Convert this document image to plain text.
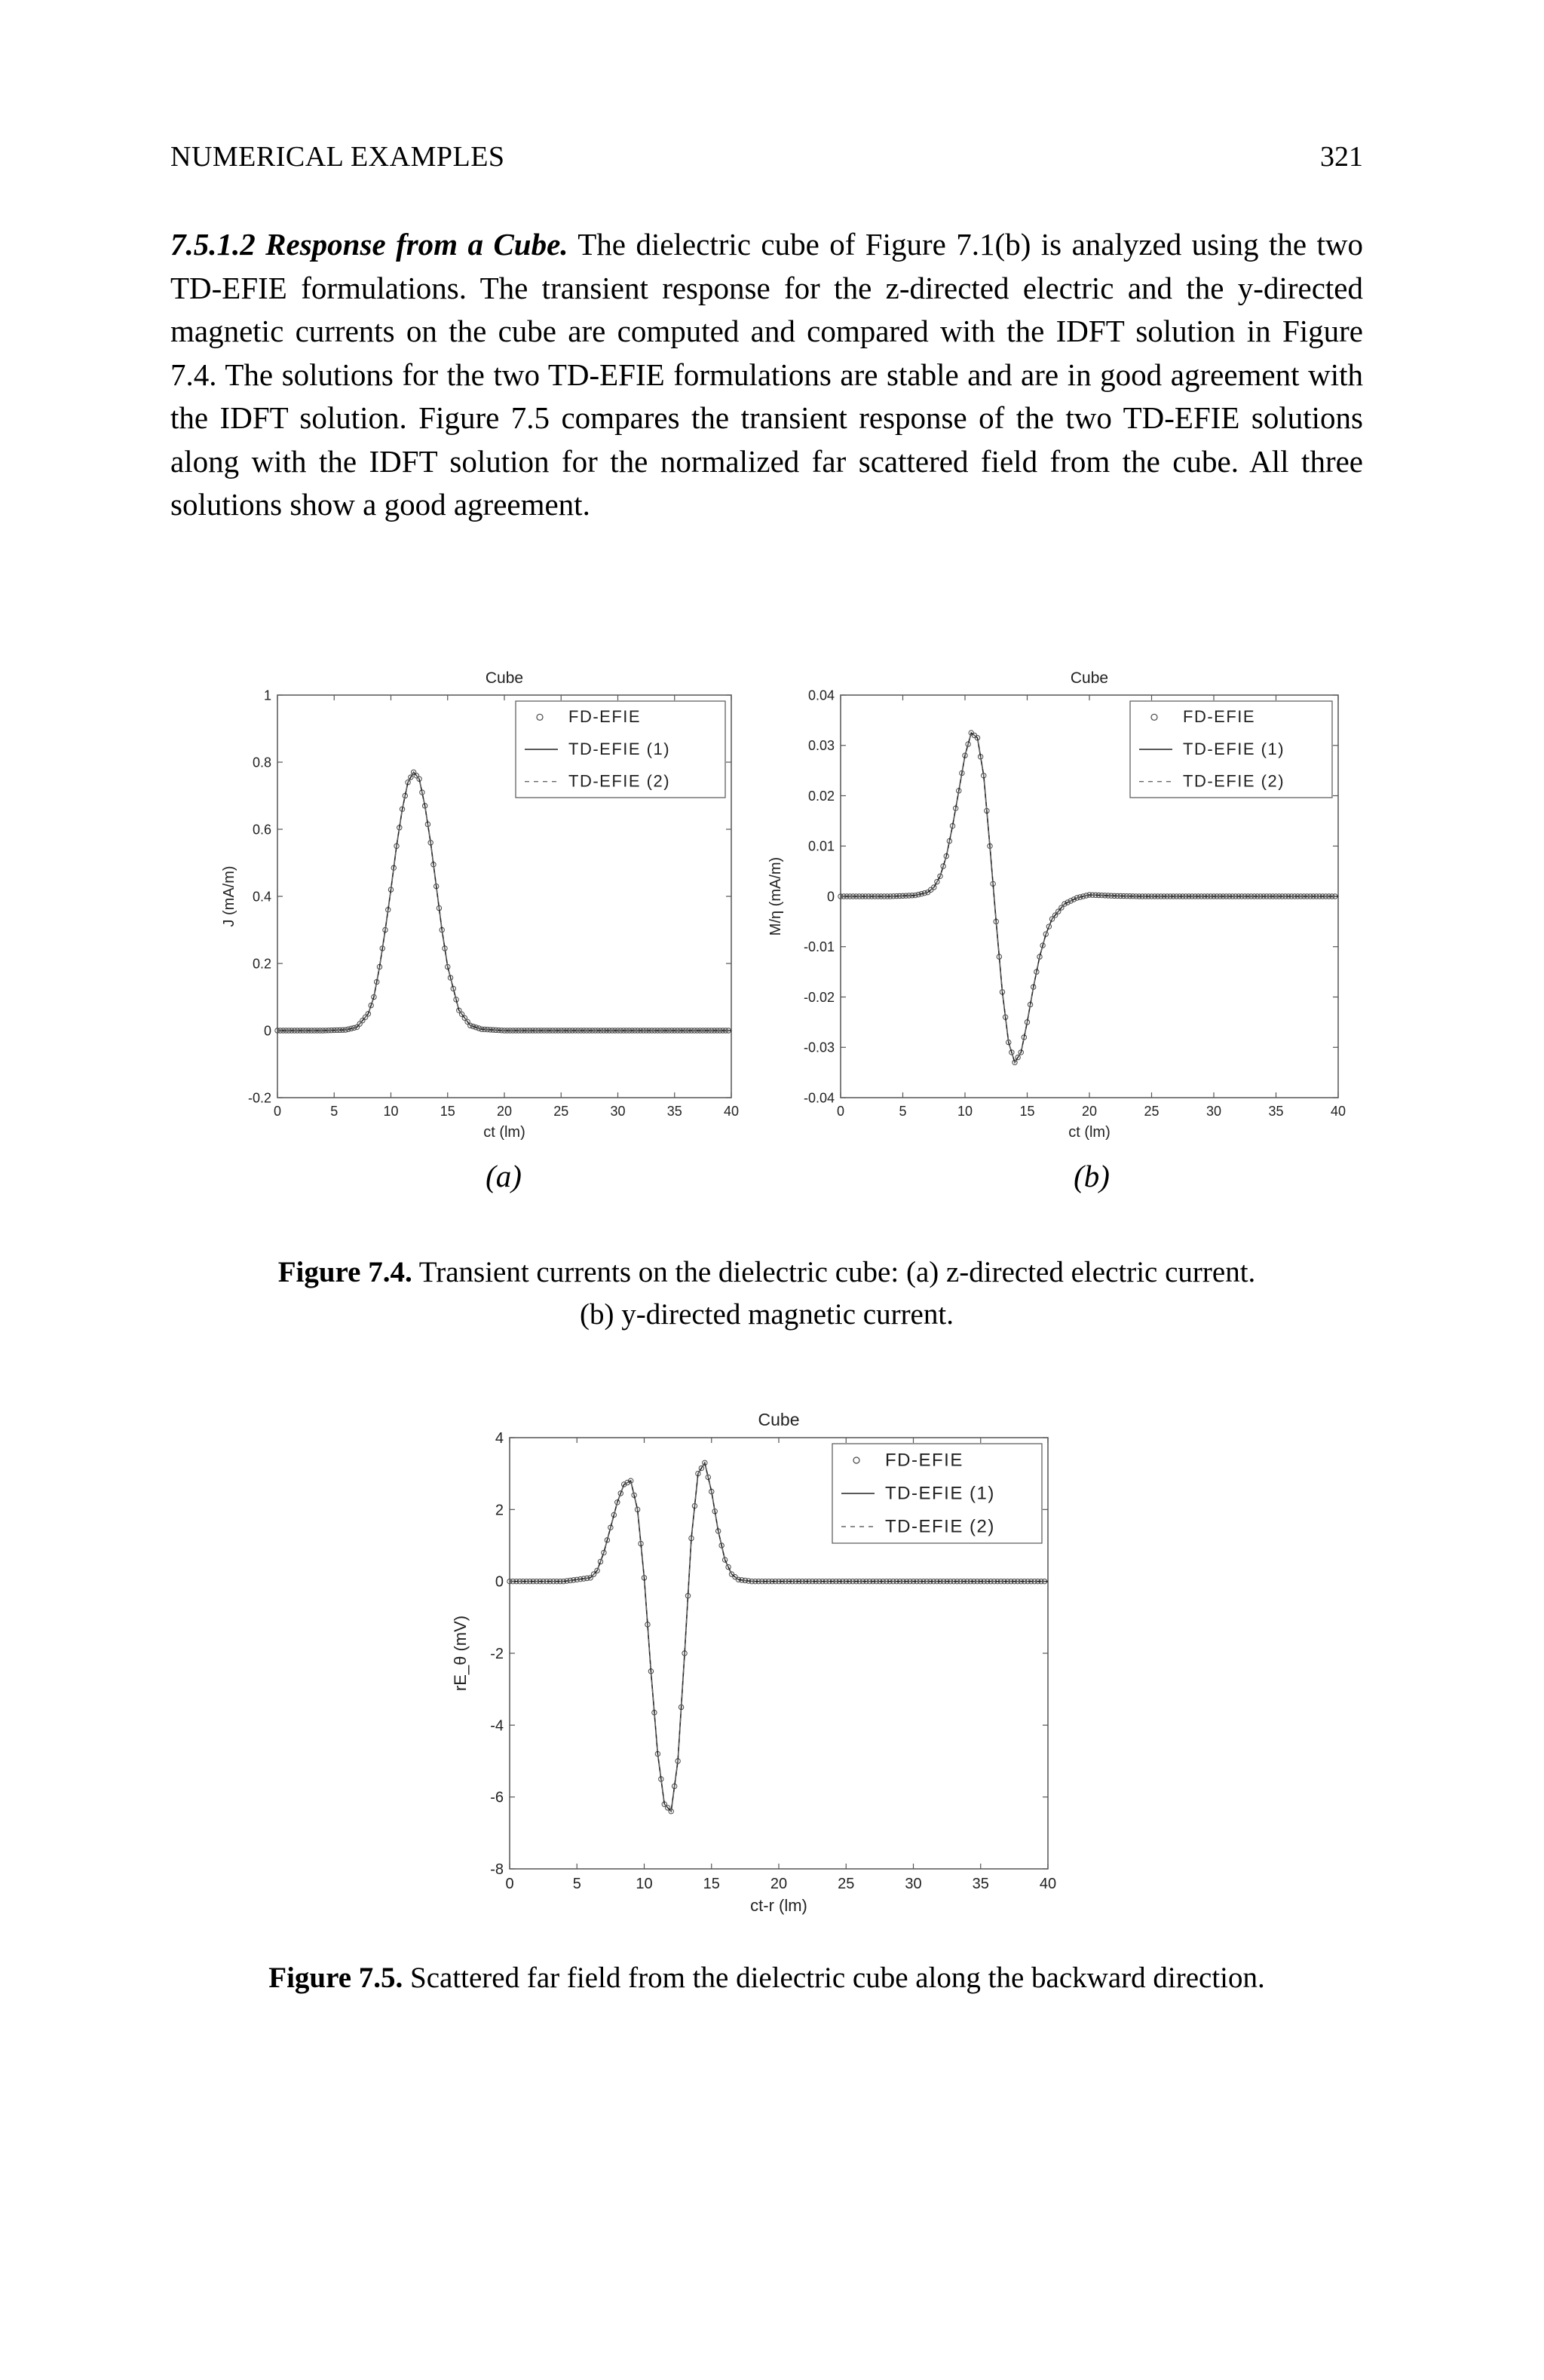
NUMERICAL EXAMPLES	321
7.5.1.2 Response from a Cube. The dielectric cube of Figure 7.1(b) is analyzed using the two TD-EFIE formulations. The transient response for the z-directed electric and the y-directed magnetic currents on the cube are computed and compared with the IDFT solution in Figure 7.4. The solutions for the two TD-EFIE formulations are stable and are in good agreement with the IDFT solution. Figure 7.5 compares the transient response of the two TD-EFIE solutions along with the IDFT solution for the normalized far scattered field from the cube. All three solutions show a good agreement.
0	5	10	15	20	25	30	35	40
-0.2
0
0.2
0.4
0.6
0.8
1
Cube
ct (lm)
J (mA/m)
FD-EFIE
TD-EFIE (1)
TD-EFIE (2)
0	5	10	15	20	25	30	35	40
-0.04
-0.03
-0.02
-0.01
0
0.01
0.02
0.03
0.04
Cube
ct (lm)
M/η (mA/m)
FD-EFIE
TD-EFIE (1)
TD-EFIE (2)
(a)	(b)
Figure 7.4. Transient currents on the dielectric cube: (a) z-directed electric current.
(b) y-directed magnetic current.
0	5	10	15	20	25	30	35	40
-8
-6
-4
-2
0
2
4
Cube
ct-r (lm)
rE_θ (mV)
FD-EFIE
TD-EFIE (1)
TD-EFIE (2)
Figure 7.5. Scattered far field from the dielectric cube along the backward direction.
